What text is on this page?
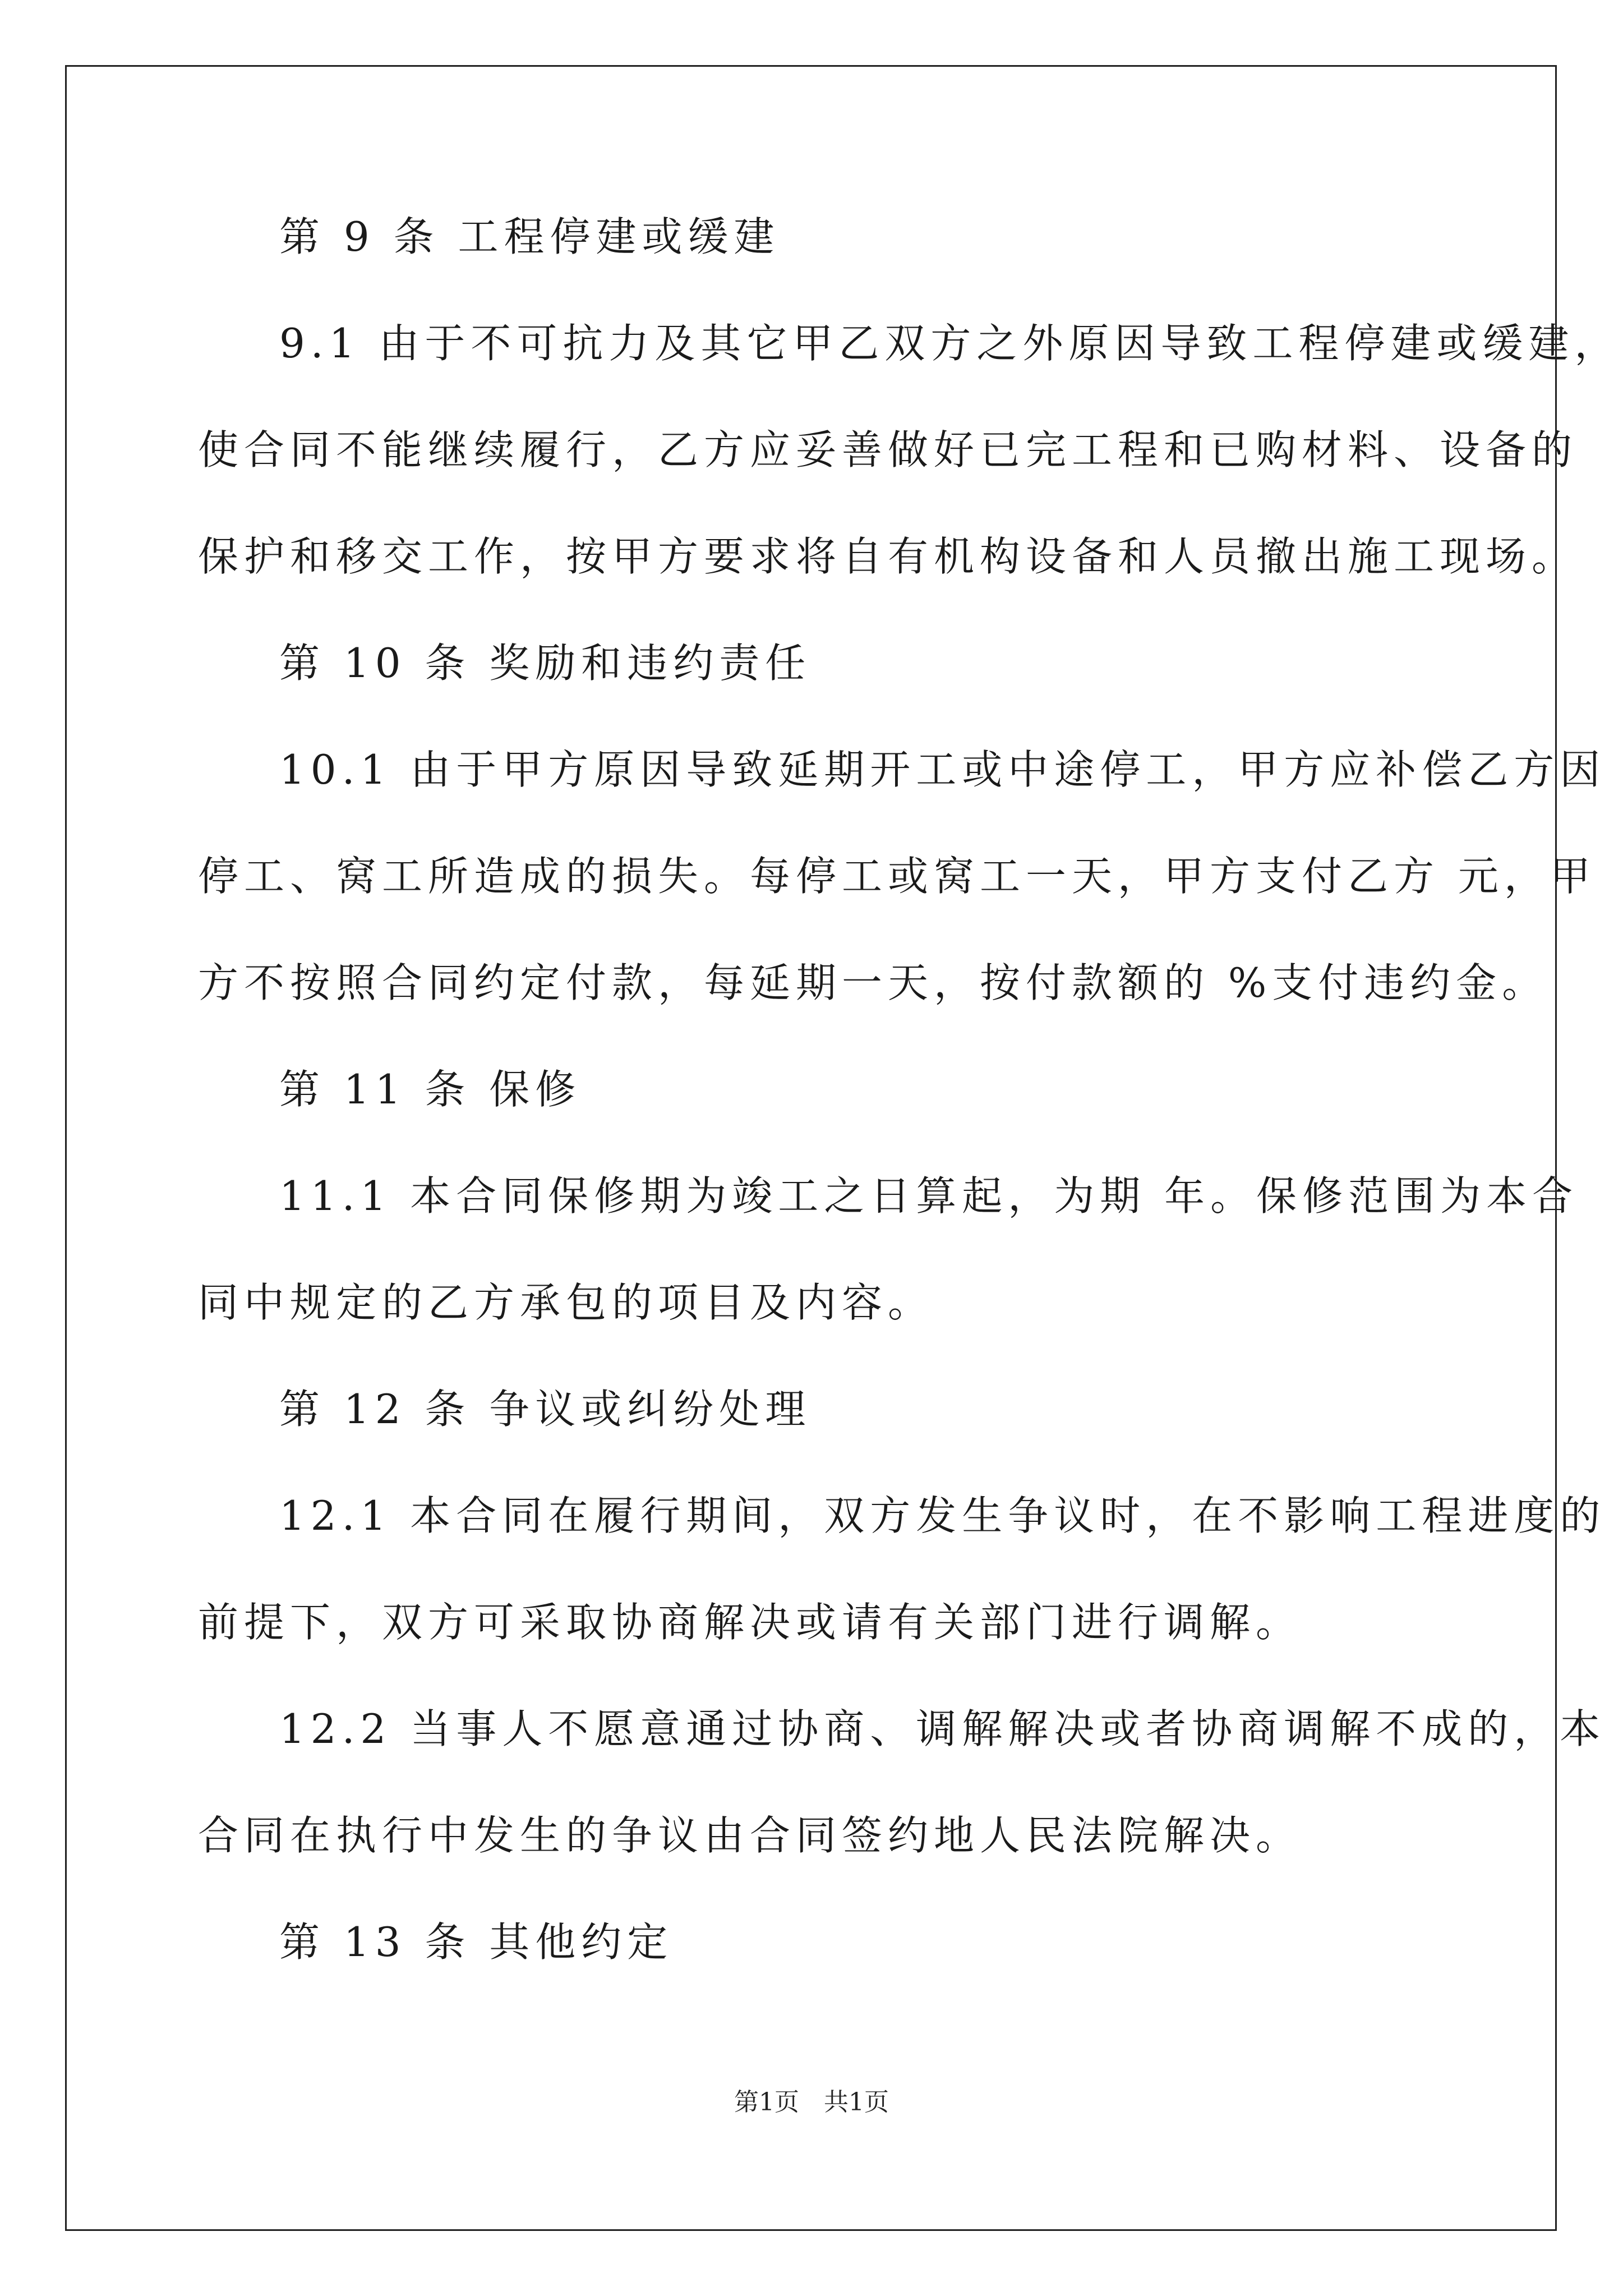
第 9 条 工程停建或缓建
9.1 由于不可抗力及其它甲乙双方之外原因导致工程停建或缓建，
使合同不能继续履行，乙方应妥善做好已完工程和已购材料、设备的
保护和移交工作，按甲方要求将自有机构设备和人员撤出施工现场。
第 10 条 奖励和违约责任
10.1 由于甲方原因导致延期开工或中途停工，甲方应补偿乙方因
停工、窝工所造成的损失。每停工或窝工一天，甲方支付乙方 元，甲
方不按照合同约定付款，每延期一天，按付款额的 %支付违约金。
第 11 条 保修
11.1 本合同保修期为竣工之日算起，为期 年。保修范围为本合
同中规定的乙方承包的项目及内容。
第 12 条 争议或纠纷处理
12.1 本合同在履行期间，双方发生争议时，在不影响工程进度的
前提下，双方可采取协商解决或请有关部门进行调解。
12.2 当事人不愿意通过协商、调解解决或者协商调解不成的，本
合同在执行中发生的争议由合同签约地人民法院解决。
第 13 条 其他约定
第1页　共1页
